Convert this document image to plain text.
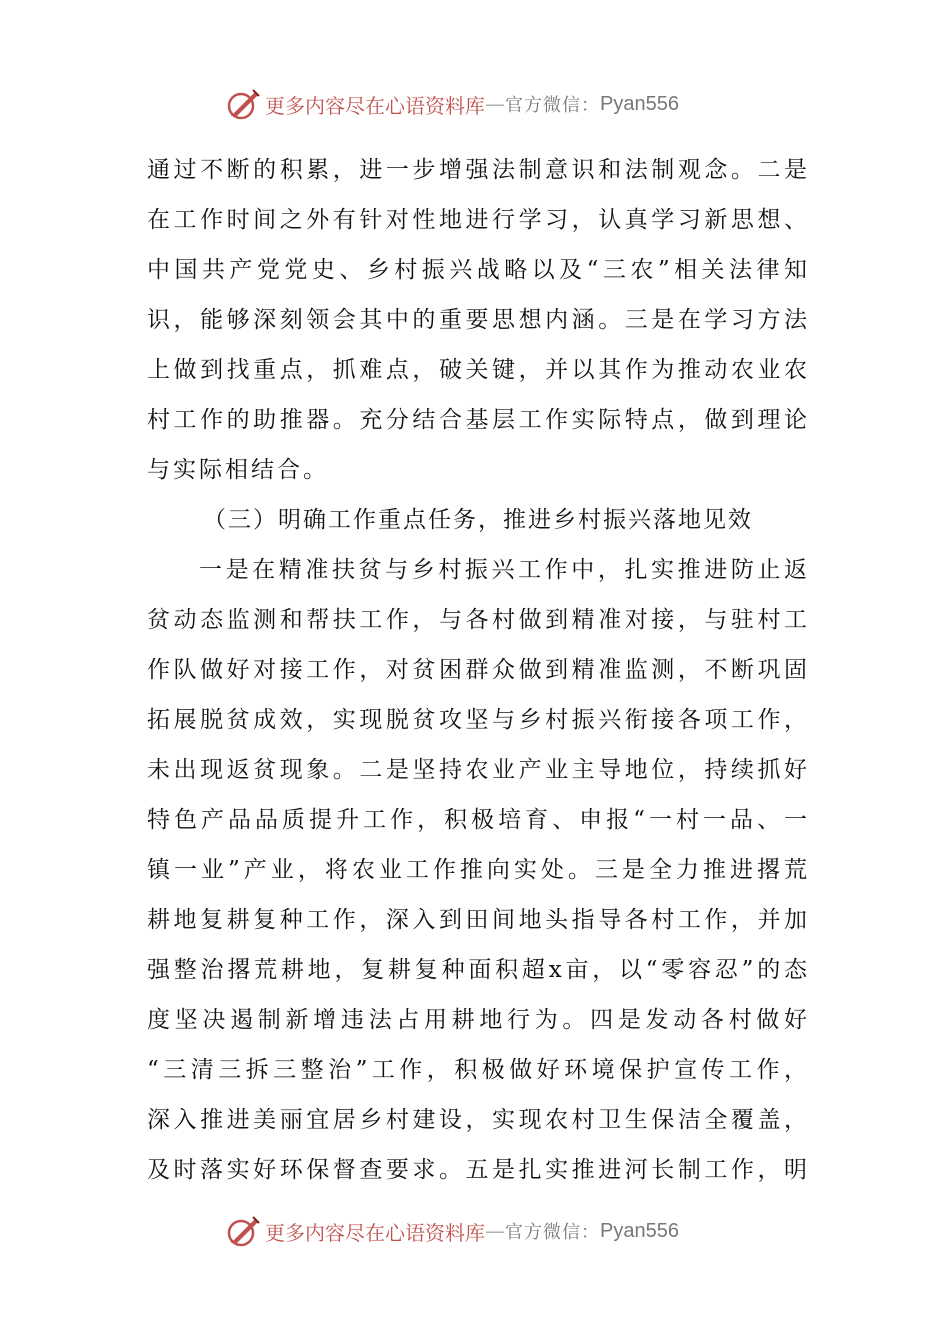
更多内容尽在心语资料库 — 官方微信： Pyan556
通过不断的积累，进一步增强法制意识和法制观念。二是
在工作时间之外有针对性地进行学习，认真学习新思想、
中国共产党党史、乡村振兴战略以及“三农”相关法律知
识，能够深刻领会其中的重要思想内涵。三是在学习方法
上做到找重点，抓难点，破关键，并以其作为推动农业农
村工作的助推器。充分结合基层工作实际特点，做到理论
与实际相结合。
（三）明确工作重点任务，推进乡村振兴落地见效
一是在精准扶贫与乡村振兴工作中，扎实推进防止返
贫动态监测和帮扶工作，与各村做到精准对接，与驻村工
作队做好对接工作，对贫困群众做到精准监测，不断巩固
拓展脱贫成效，实现脱贫攻坚与乡村振兴衔接各项工作，
未出现返贫现象。二是坚持农业产业主导地位，持续抓好
特色产品品质提升工作，积极培育、申报“一村一品、一
镇一业”产业，将农业工作推向实处。三是全力推进撂荒
耕地复耕复种工作，深入到田间地头指导各村工作，并加
强整治撂荒耕地，复耕复种面积超x亩，以“零容忍”的态
度坚决遏制新增违法占用耕地行为。四是发动各村做好
“三清三拆三整治”工作，积极做好环境保护宣传工作，
深入推进美丽宜居乡村建设，实现农村卫生保洁全覆盖，
及时落实好环保督查要求。五是扎实推进河长制工作，明
更多内容尽在心语资料库 — 官方微信： Pyan556
